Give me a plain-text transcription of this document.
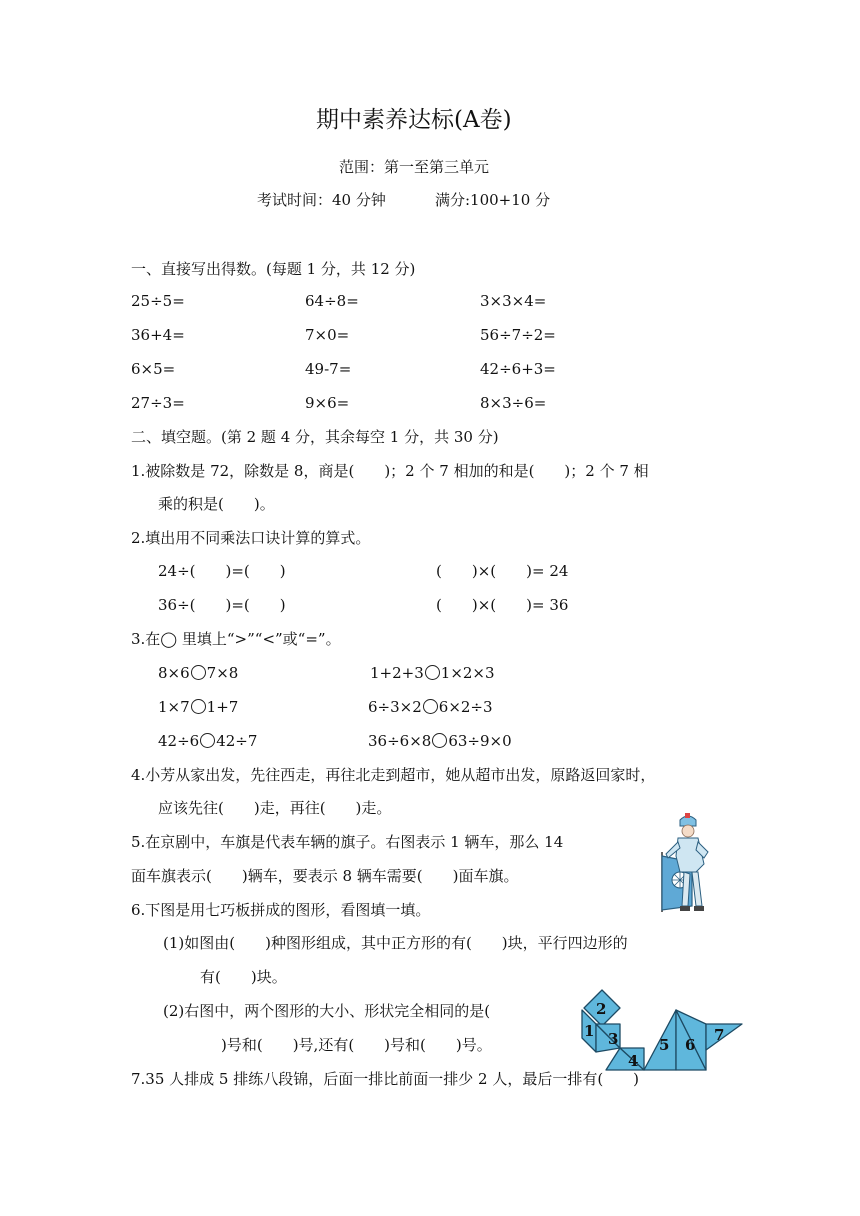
期中素养达标(A卷)
范围：第一至第三单元
考试时间：40 分钟	满分:100+10 分
一、直接写出得数。(每题 1 分，共 12 分)
25÷5=	64÷8=	3×3×4=
36+4=	7×0=	56÷7÷2=
6×5=	49-7=	42÷6+3=
27÷3=	9×6=	8×3÷6=
二、填空题。(第 2 题 4 分，其余每空 1 分，共 30 分)
1.被除数是 72，除数是 8，商是(　　)；2 个 7 相加的和是(　　)；2 个 7 相
乘的积是(　　)。
2.填出用不同乘法口诀计算的算式。
24÷(　　)=(　　)	(　　)×(　　)= 24
36÷(　　)=(　　)	(　　)×(　　)= 36
3.在◯ 里填上“>”“<”或“=”。
8×6 7×8	1+2+3 1×2×3
1×7 1+7	6÷3×2 6×2÷3
42÷6 42÷7	36÷6×8 63÷9×0
4.小芳从家出发，先往西走，再往北走到超市，她从超市出发，原路返回家时，
应该先往(　　)走，再往(　　)走。
5.在京剧中，车旗是代表车辆的旗子。右图表示 1 辆车，那么 14
面车旗表示(　　)辆车，要表示 8 辆车需要(　　)面车旗。
6.下图是用七巧板拼成的图形，看图填一填。
(1)如图由(　　)种图形组成，其中正方形的有(　　)块，平行四边形的
有(　　)块。
(2)右图中，两个图形的大小、形状完全相同的是(
)号和(　　)号,还有(　　)号和(　　)号。
2
1 3
4
5 6
7
7.35 人排成 5 排练八段锦，后面一排比前面一排少 2 人，最后一排有(　　)
